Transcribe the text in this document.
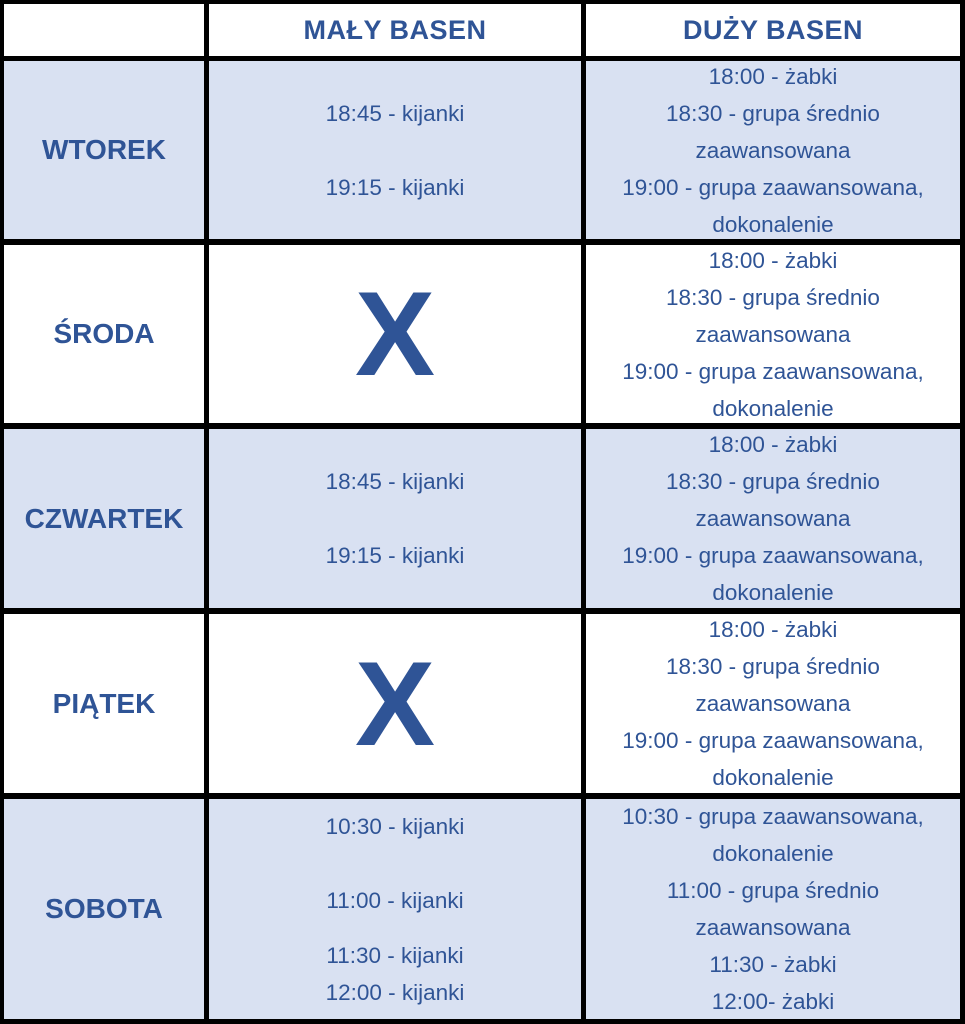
MAŁY BASEN	DUŻY BASEN
WTOREK
18:45 - kijanki
19:15 - kijanki
18:00 - żabki
18:30 - grupa średnio
zaawansowana
19:00 - grupa zaawansowana,
dokonalenie
ŚRODA X
18:00 - żabki
18:30 - grupa średnio
zaawansowana
19:00 - grupa zaawansowana,
dokonalenie
CZWARTEK
18:45 - kijanki
19:15 - kijanki
18:00 - żabki
18:30 - grupa średnio
zaawansowana
19:00 - grupa zaawansowana,
dokonalenie
PIĄTEK X
18:00 - żabki
18:30 - grupa średnio
zaawansowana
19:00 - grupa zaawansowana,
dokonalenie
SOBOTA
10:30 - kijanki
11:00 - kijanki
11:30 - kijanki
12:00 - kijanki
10:30 - grupa zaawansowana,
dokonalenie
11:00 - grupa średnio
zaawansowana
11:30 - żabki
12:00- żabki
